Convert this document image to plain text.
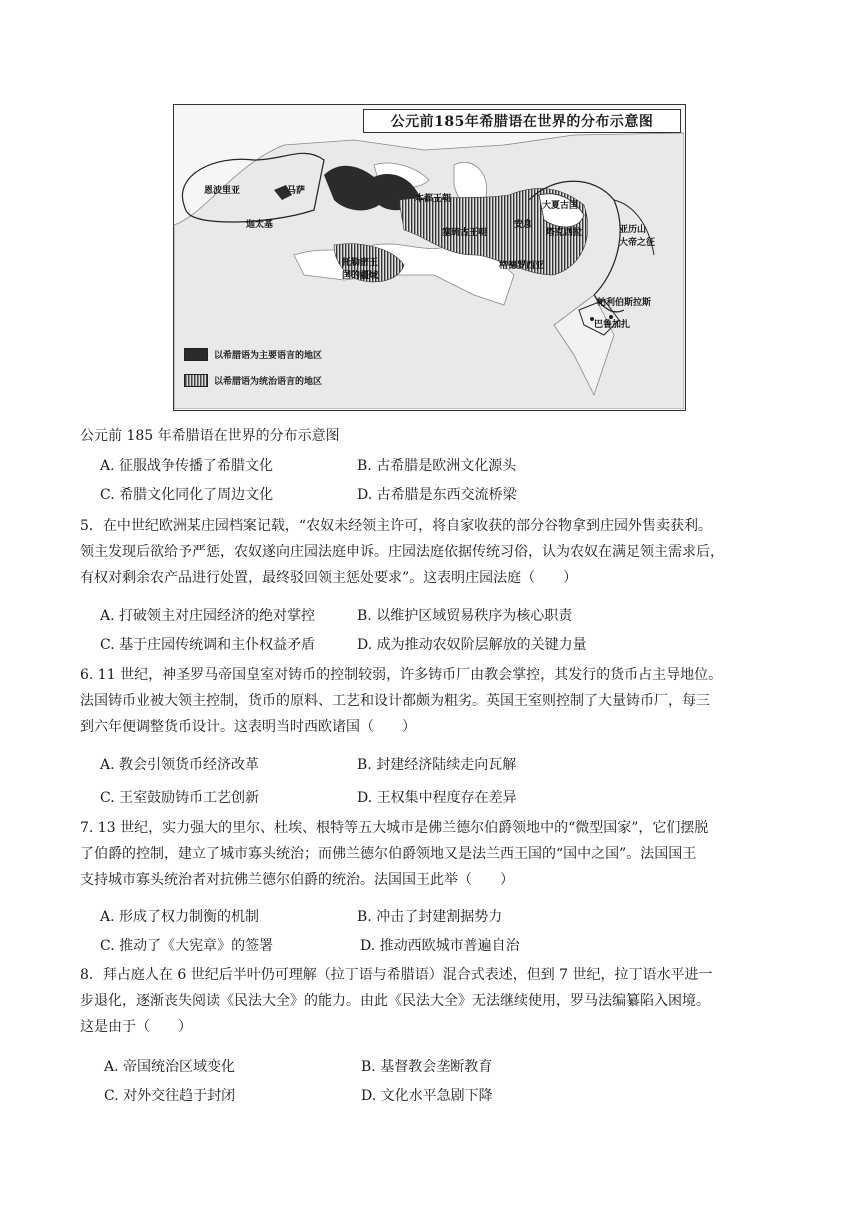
公元前185年希腊语在世界的分布示意图
恩波里亚	马萨
迦太基
本都王朝
塞琉古王朝
托勒密王
国的疆域
安息
大夏古国
塔克西拉
格德罗西亚
亚历山
大帝之征
帕利伯斯拉斯
巴鲁加扎
以希腊语为主要语言的地区
以希腊语为统治语言的地区
公元前 185 年希腊语在世界的分布示意图
A. 征服战争传播了希腊文化	B. 古希腊是欧洲文化源头
C. 希腊文化同化了周边文化	D. 古希腊是东西交流桥梁

5．在中世纪欧洲某庄园档案记载，“农奴未经领主许可，将自家收获的部分谷物拿到庄园外售卖获利。

领主发现后欲给予严惩，农奴遂向庄园法庭申诉。庄园法庭依据传统习俗，认为农奴在满足领主需求后，

有权对剩余农产品进行处置，最终驳回领主惩处要求”。这表明庄园法庭（　　）

A. 打破领主对庄园经济的绝对掌控	B. 以维护区域贸易秩序为核心职责
C. 基于庄园传统调和主仆权益矛盾	D. 成为推动农奴阶层解放的关键力量

6. 11 世纪，神圣罗马帝国皇室对铸币的控制较弱，许多铸币厂由教会掌控，其发行的货币占主导地位。

法国铸币业被大领主控制，货币的原料、工艺和设计都颇为粗劣。英国王室则控制了大量铸币厂，每三

到六年便调整货币设计。这表明当时西欧诸国（　　）

A. 教会引领货币经济改革	B. 封建经济陆续走向瓦解
C. 王室鼓励铸币工艺创新	D. 王权集中程度存在差异

7. 13 世纪，实力强大的里尔、杜埃、根特等五大城市是佛兰德尔伯爵领地中的“微型国家”，它们摆脱

了伯爵的控制，建立了城市寡头统治；而佛兰德尔伯爵领地又是法兰西王国的“国中之国”。法国国王

支持城市寡头统治者对抗佛兰德尔伯爵的统治。法国国王此举（　　）

A. 形成了权力制衡的机制	B. 冲击了封建割据势力
C. 推动了《大宪章》的签署	D. 推动西欧城市普遍自治

8．拜占庭人在 6 世纪后半叶仍可理解（拉丁语与希腊语）混合式表述，但到 7 世纪，拉丁语水平进一

步退化，逐渐丧失阅读《民法大全》的能力。由此《民法大全》无法继续使用，罗马法编纂陷入困境。

这是由于（　　）

A. 帝国统治区域变化	B. 基督教会垄断教育
C. 对外交往趋于封闭	D. 文化水平急剧下降
